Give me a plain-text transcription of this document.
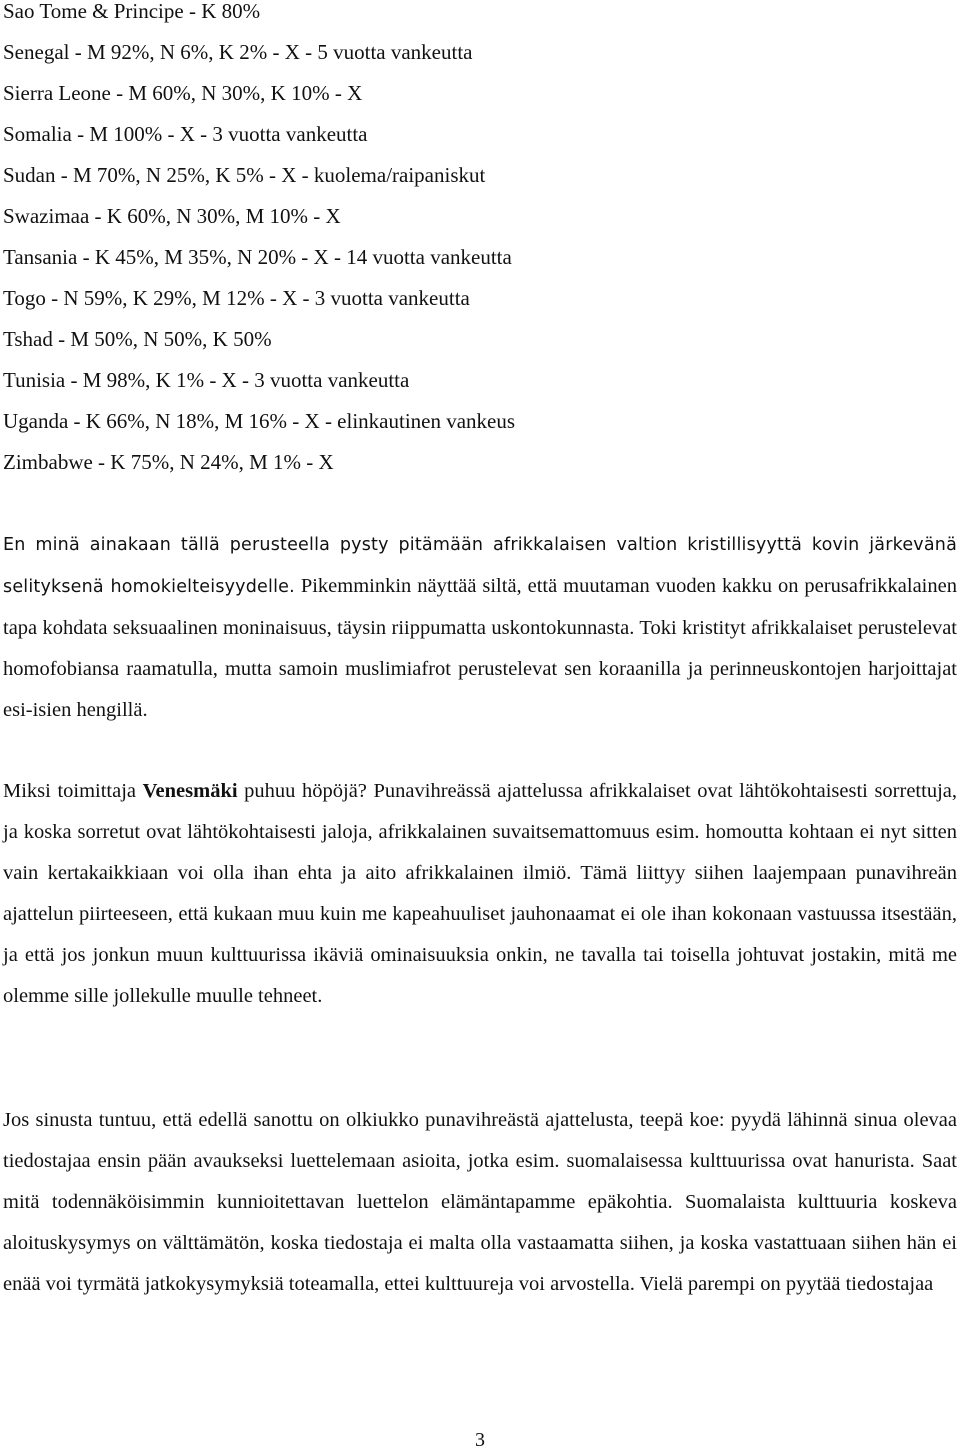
Sao Tome & Principe - K 80%
Senegal - M 92%, N 6%, K 2% - X - 5 vuotta vankeutta
Sierra Leone - M 60%, N 30%, K 10% - X
Somalia - M 100% - X - 3 vuotta vankeutta
Sudan - M 70%, N 25%, K 5% - X - kuolema/raipaniskut
Swazimaa - K 60%, N 30%, M 10% - X
Tansania - K 45%, M 35%, N 20% - X - 14 vuotta vankeutta
Togo - N 59%, K 29%, M 12% - X - 3 vuotta vankeutta
Tshad - M 50%, N 50%, K 50%
Tunisia - M 98%, K 1% - X - 3 vuotta vankeutta
Uganda - K 66%, N 18%, M 16% - X - elinkautinen vankeus
Zimbabwe - K 75%, N 24%, M 1% - X

En minä ainakaan tällä perusteella pysty pitämään afrikkalaisen valtion kristillisyyttä kovin järkevänä selityksenä homokielteisyydelle. Pikemminkin näyttää siltä, että muutaman vuoden kakku on perusafrikkalainen tapa kohdata seksuaalinen moninaisuus, täysin riippumatta uskontokunnasta. Toki kristityt afrikkalaiset perustelevat homofobiansa raamatulla, mutta samoin muslimiafrot perustelevat sen koraanilla ja perinneuskontojen harjoittajat esi-isien hengillä.

Miksi toimittaja Venesmäki puhuu höpöjä? Punavihreässä ajattelussa afrikkalaiset ovat lähtökohtaisesti sorrettuja, ja koska sorretut ovat lähtökohtaisesti jaloja, afrikkalainen suvaitsemattomuus esim. homoutta kohtaan ei nyt sitten vain kertakaikkiaan voi olla ihan ehta ja aito afrikkalainen ilmiö. Tämä liittyy siihen laajempaan punavihreän ajattelun piirteeseen, että kukaan muu kuin me kapeahuuliset jauhonaamat ei ole ihan kokonaan vastuussa itsestään, ja että jos jonkun muun kulttuurissa ikäviä ominaisuuksia onkin, ne tavalla tai toisella johtuvat jostakin, mitä me olemme sille jollekulle muulle tehneet.

Jos sinusta tuntuu, että edellä sanottu on olkiukko punavihreästä ajattelusta, teepä koe: pyydä lähinnä sinua olevaa tiedostajaa ensin pään avaukseksi luettelemaan asioita, jotka esim. suomalaisessa kulttuurissa ovat hanurista. Saat mitä todennäköisimmin kunnioitettavan luettelon elämäntapamme epäkohtia. Suomalaista kulttuuria koskeva aloituskysymys on välttämätön, koska tiedostaja ei malta olla vastaamatta siihen, ja koska vastattuaan siihen hän ei enää voi tyrmätä jatkokysymyksiä toteamalla, ettei kulttuureja voi arvostella. Vielä parempi on pyytää tiedostajaa

3
